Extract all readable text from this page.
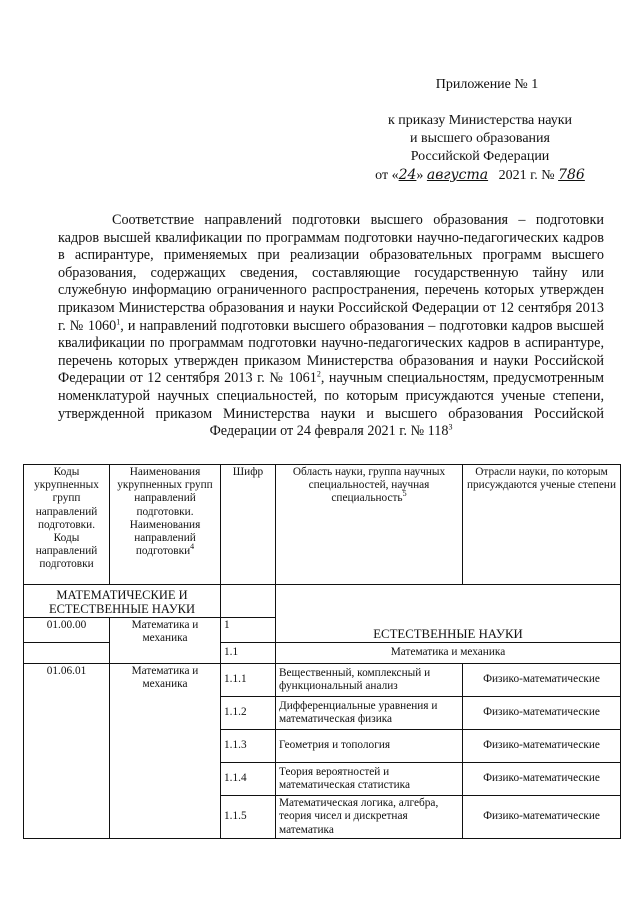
Приложение № 1
к приказу Министерства науки
и высшего образования
Российской Федерации
от «24» августа 2021 г. № 786
Соответствие направлений подготовки высшего образования – подготовки кадров высшей квалификации по программам подготовки научно-педагогических кадров в аспирантуре, применяемых при реализации образовательных программ высшего образования, содержащих сведения, составляющие государственную тайну или служебную информацию ограниченного распространения, перечень которых утвержден приказом Министерства образования и науки Российской Федерации от 12 сентября 2013 г. № 1060$^1$, и направлений подготовки высшего образования – подготовки кадров высшей квалификации по программам подготовки научно-педагогических кадров в аспирантуре, перечень которых утвержден приказом Министерства образования и науки Российской Федерации от 12 сентября 2013 г. № 1061$^2$, научным специальностям, предусмотренным номенклатурой научных специальностей, по которым присуждаются ученые степени, утвержденной приказом Министерства науки и высшего образования Российской Федерации от 24 февраля 2021 г. № $118^3$
Коды укрупненных групп направлений подготовки. Коды направлений подготовки	Наименования укрупненных групп направлений подготовки. Наименования направлений подготовки$^4$	Шифр	Область науки, группа научных специальностей, научная специальность$^5$	Отрасли науки, по которым присуждаются ученые степени
МАТЕМАТИЧЕСКИЕ И ЕСТЕСТВЕННЫЕ НАУКИ			ЕСТЕСТВЕННЫЕ НАУКИ	
01.00.00	Математика и механика	1		
		1.1	Математика и механика	
01.06.01	Математика и механика	1.1.1	Вещественный, комплексный и функциональный анализ	Физико-математические
		1.1.2	Дифференциальные уравнения и математическая физика	Физико-математические
		1.1.3	Геометрия и топология	Физико-математические
		1.1.4	Теория вероятностей и математическая статистика	Физико-математические
		1.1.5	Математическая логика, алгебра, теория чисел и дискретная математика	Физико-математические
